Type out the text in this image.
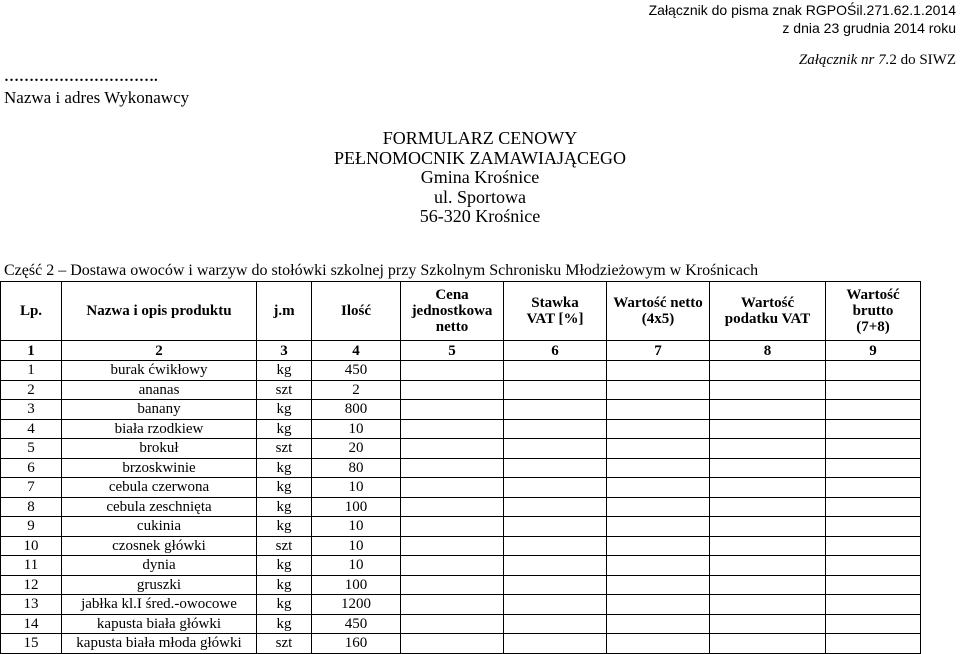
Załącznik do pisma znak RGPOŚil.271.62.1.2014
z dnia 23 grudnia 2014 roku
Załącznik nr 7.2 do SIWZ
………………………….
Nazwa i adres Wykonawcy
FORMULARZ CENOWY
PEŁNOMOCNIK ZAMAWIAJĄCEGO
Gmina Krośnice
ul. Sportowa
56-320 Krośnice
Część 2 – Dostawa owoców i warzyw do stołówki szkolnej przy Szkolnym Schronisku Młodzieżowym w Krośnicach
Lp.	Nazwa i opis produktu	j.m	Ilość	Cena jednostkowa netto	Stawka VAT [%]	Wartość netto (4x5)	Wartość podatku VAT	Wartość brutto (7+8)
1	2	3	4	5	6	7	8	9
1	burak ćwikłowy	kg	450					
2	ananas	szt	2					
3	banany	kg	800					
4	biała rzodkiew	kg	10					
5	brokuł	szt	20					
6	brzoskwinie	kg	80					
7	cebula czerwona	kg	10					
8	cebula zeschnięta	kg	100					
9	cukinia	kg	10					
10	czosnek główki	szt	10					
11	dynia	kg	10					
12	gruszki	kg	100					
13	jabłka kl.I śred.-owocowe	kg	1200					
14	kapusta biała główki	kg	450					
15	kapusta biała młoda główki	szt	160					
